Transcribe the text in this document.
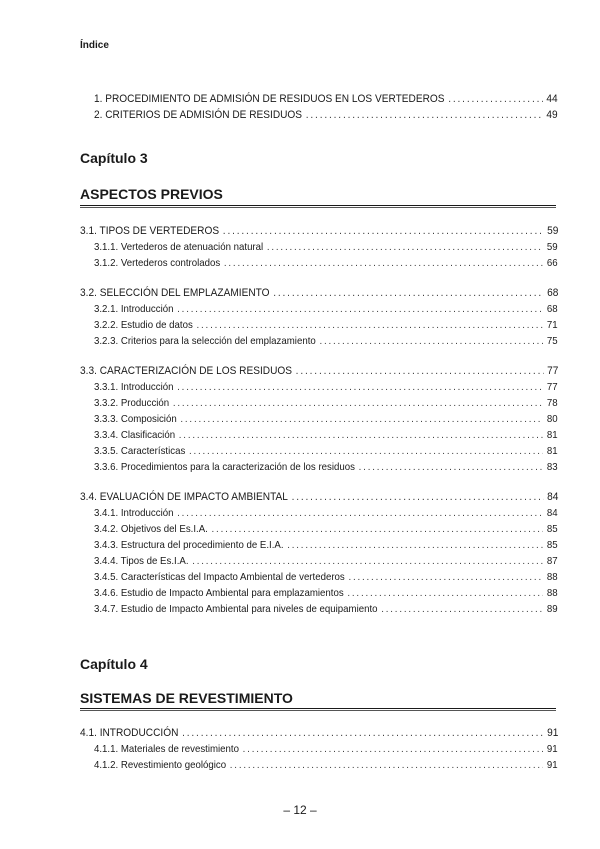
Índice
1. PROCEDIMIENTO DE ADMISIÓN DE RESIDUOS EN LOS VERTEDEROS .....	44
2. CRITERIOS DE ADMISIÓN DE RESIDUOS .....	49
Capítulo 3
ASPECTOS PREVIOS
3.1. TIPOS DE VERTEDEROS .....	59
3.1.1. Vertederos de atenuación natural .....	59
3.1.2. Vertederos controlados .....	66
3.2. SELECCIÓN DEL EMPLAZAMIENTO .....	68
3.2.1. Introducción .....	68
3.2.2. Estudio de datos .....	71
3.2.3. Criterios para la selección del emplazamiento .....	75
3.3. CARACTERIZACIÓN DE LOS RESIDUOS .....	77
3.3.1. Introducción .....	77
3.3.2. Producción .....	78
3.3.3. Composición .....	80
3.3.4. Clasificación .....	81
3.3.5. Características .....	81
3.3.6. Procedimientos para la caracterización de los residuos .....	83
3.4. EVALUACIÓN DE IMPACTO AMBIENTAL .....	84
3.4.1. Introducción .....	84
3.4.2. Objetivos del Es.I.A. .....	85
3.4.3. Estructura del procedimiento de E.I.A. .....	85
3.4.4. Tipos de Es.I.A. .....	87
3.4.5. Características del Impacto Ambiental de vertederos .....	88
3.4.6. Estudio de Impacto Ambiental para emplazamientos .....	88
3.4.7. Estudio de Impacto Ambiental para niveles de equipamiento .....	89
Capítulo 4
SISTEMAS DE REVESTIMIENTO
4.1. INTRODUCCIÓN .....	91
4.1.1. Materiales de revestimiento .....	91
4.1.2. Revestimiento geológico .....	91
– 12 –
